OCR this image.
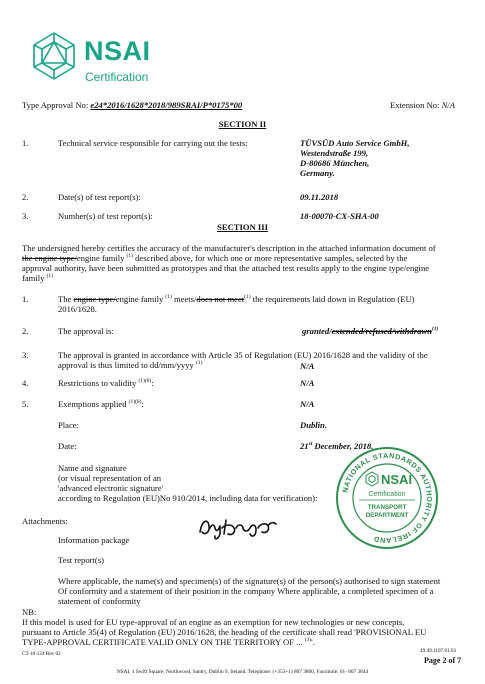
NSAI
Certification
Type Approval No: e24*2016/1628*2018/989SRAI/P*0175*00	Extension No: N/A
SECTION II
1.	Technical service responsible for carrying out the tests:	TÜVSÜD Auto Service GmbH,
Westendstraße 199,
D-80686 München,
Germany.
2.	Date(s) of test report(s):	09.11.2018
3.	Number(s) of test report(s):	18-00070-CX-SHA-00
SECTION III
The undersigned hereby certifies the accuracy of the manufacturer's description in the attached information document of
the engine type/engine family $^{(1)}$ described above, for which one or more representative samples, selected by the
approval authority, have been submitted as prototypes and that the attached test results apply to the engine type/engine
family $^{(1)}$
1.	The engine type/engine family $^{(1)}$ meets/does not meet$^{(1)}$ the requirements laid down in Regulation (EU)
2016/1628.
2.	The approval is:	granted/extended/refused/withdrawn$^{(1)}$
3.	The approval is granted in accordance with Article 35 of Regulation (EU) 2016/1628 and the validity of the
approval is thus limited to dd/mm/yyyy $^{(1)}$	N/A
4.	Restrictions to validity $^{(1)(8)}$:	N/A
5.	Exemptions applied $^{(1)(8)}$:	N/A
Place:	Dublin.
Date:	21st December, 2018.
Name and signature
(or visual representation of an
'advanced electronic signature'
according to Regulation (EU)No 910/2014, including data for verification):
NATIONAL STANDARDS AUTHORITY OF IRELAND
NSAI
Certification
TRANSPORT
DEPARTMENT
Attachments:
Information package
Test report(s)
Where applicable, the name(s) and specimen(s) of the signature(s) of the person(s) authorised to sign statement
Of conformity and a statement of their position in the company Where applicable, a completed specimen of a
statement of conformity
NB:
If this model is used for EU type-approval of an engine as an exemption for new technologies or new concepts,
pursuant to Article 35(4) of Regulation (EU) 2016/1628, the heading of the certificate shall read 'PROVISIONAL EU
TYPE-APPROVAL CERTIFICATE VALID ONLY ON THE TERRITORY OF ... $^{(3)}$'.
CT-10-124 Rev 02	49.49.1107.01.03
Page 2 of 7
NSAI, 1 Swift Square, Northwood, Santry, Dublin 9, Ireland. Telephone: (+353+1) 807 3800, Facsimile: 01- 807 3844
